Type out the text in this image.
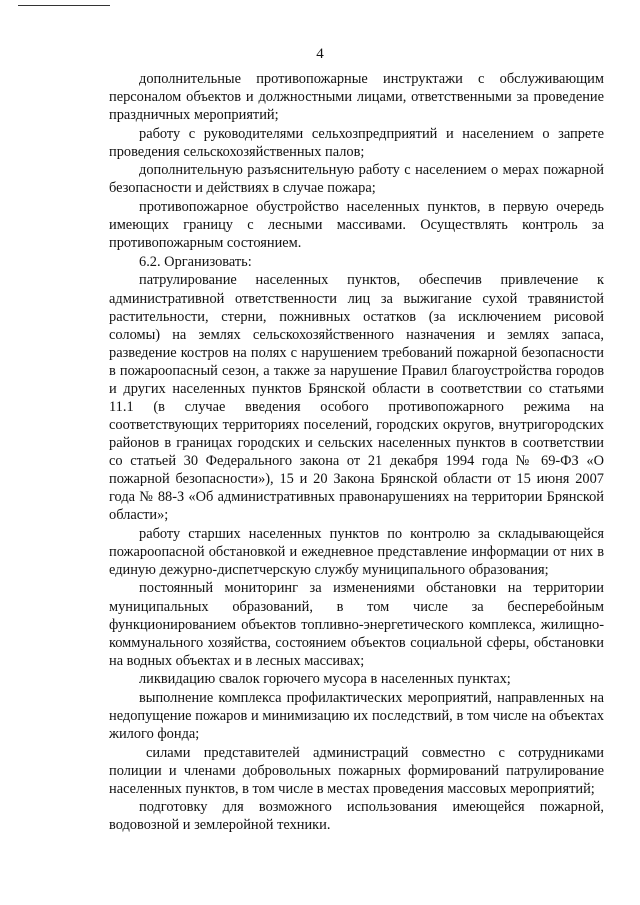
4

дополнительные противопожарные инструктажи с обслуживающим персоналом объектов и должностными лицами, ответственными за проведение праздничных мероприятий;

работу с руководителями сельхозпредприятий и населением о запрете проведения сельскохозяйственных палов;

дополнительную разъяснительную работу с населением о мерах пожарной безопасности и действиях в случае пожара;

противопожарное обустройство населенных пунктов, в первую очередь имеющих границу с лесными массивами. Осуществлять контроль за противопожарным состоянием.

6.2. Организовать:

патрулирование населенных пунктов, обеспечив привлечение к административной ответственности лиц за выжигание сухой травянистой растительности, стерни, пожнивных остатков (за исключением рисовой соломы) на землях сельскохозяйственного назначения и землях запаса, разведение костров на полях с нарушением требований пожарной безопасности в пожароопасный сезон, а также за нарушение Правил благоустройства городов и других населенных пунктов Брянской области в соответствии со статьями 11.1 (в случае введения особого противопожарного режима на соответствующих территориях поселений, городских округов, внутригородских районов в границах городских и сельских населенных пунктов в соответствии со статьей 30 Федерального закона от 21 декабря 1994 года № 69-ФЗ «О пожарной безопасности»), 15 и 20 Закона Брянской области от 15 июня 2007 года № 88-З «Об административных правонарушениях на территории Брянской области»;

работу старших населенных пунктов по контролю за складывающейся пожароопасной обстановкой и ежедневное представление информации от них в единую дежурно-диспетчерскую службу муниципального образования;

постоянный мониторинг за изменениями обстановки на территории муниципальных образований, в том числе за бесперебойным функционированием объектов топливно-энергетического комплекса, жилищно-коммунального хозяйства, состоянием объектов социальной сферы, обстановки на водных объектах и в лесных массивах;

ликвидацию свалок горючего мусора в населенных пунктах;

выполнение комплекса профилактических мероприятий, направленных на недопущение пожаров и минимизацию их последствий, в том числе на объектах жилого фонда;

силами представителей администраций совместно с сотрудниками полиции и членами добровольных пожарных формирований патрулирование населенных пунктов, в том числе в местах проведения массовых мероприятий;

подготовку для возможного использования имеющейся пожарной, водовозной и землеройной техники.
